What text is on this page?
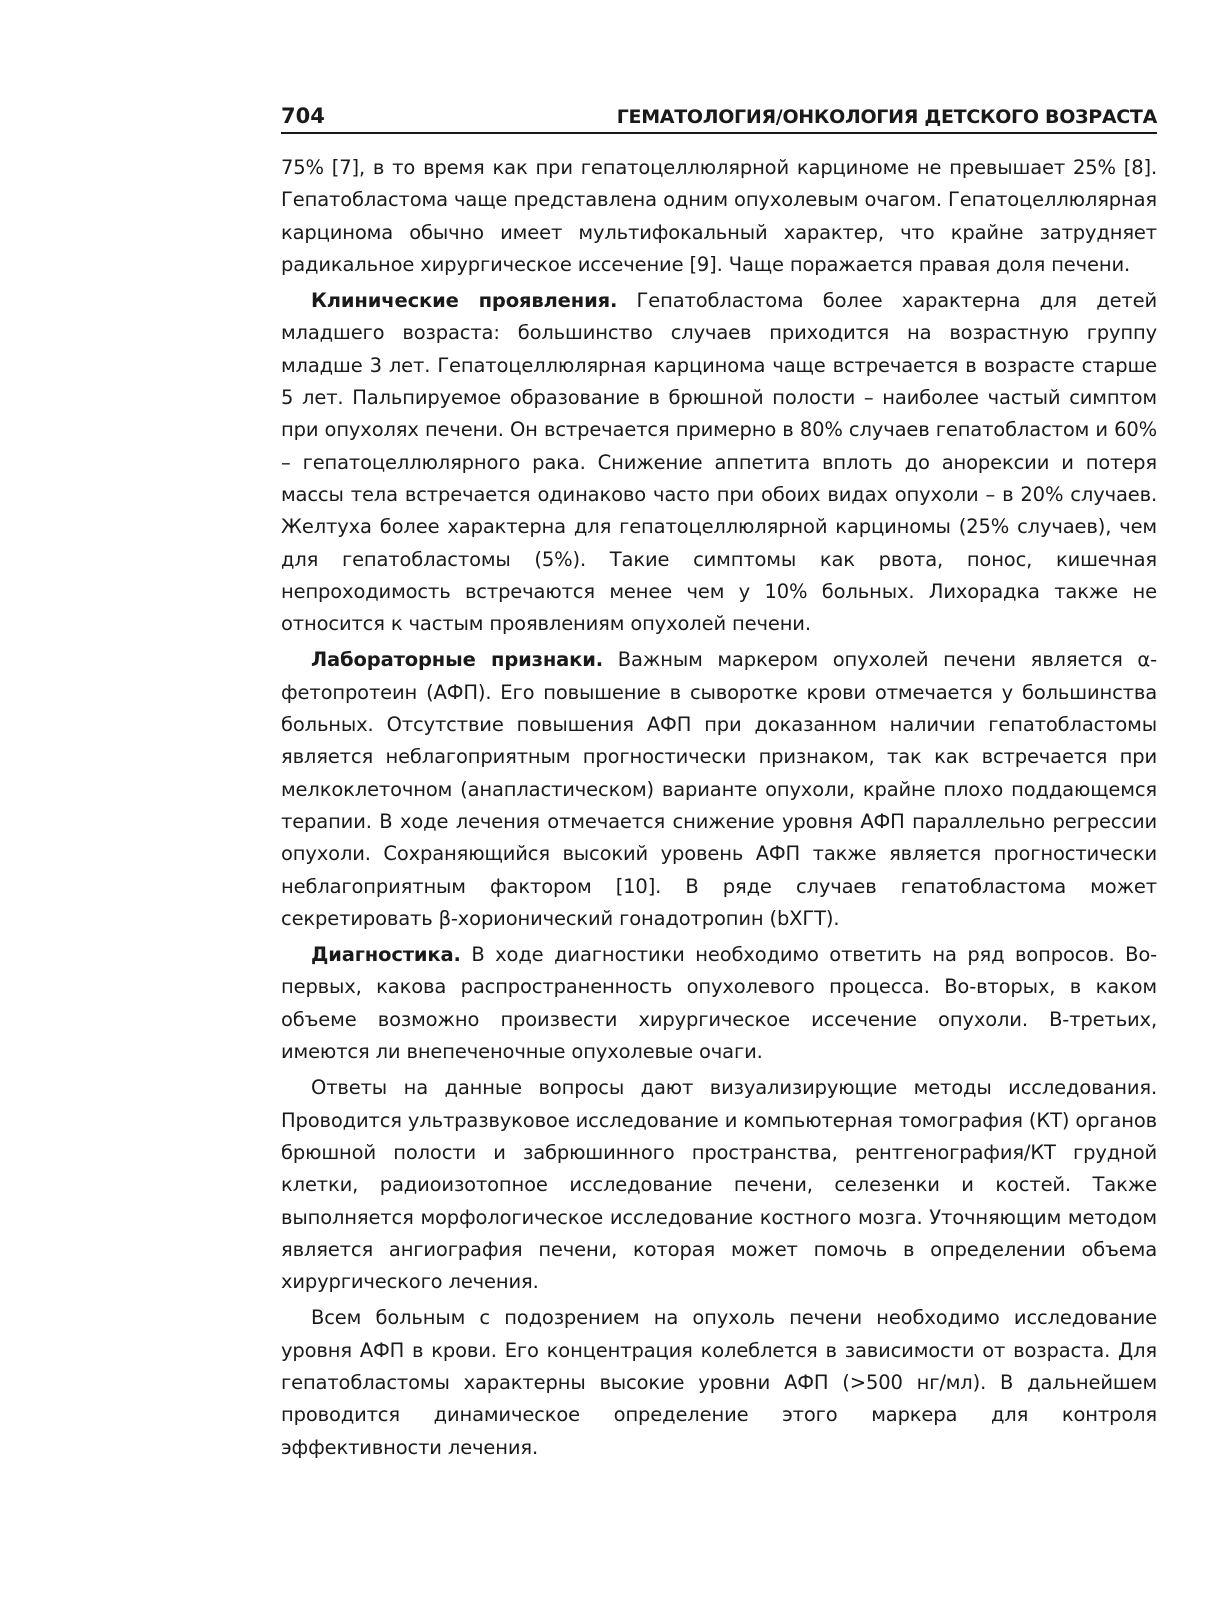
704	ГЕМАТОЛОГИЯ/ОНКОЛОГИЯ ДЕТСКОГО ВОЗРАСТА

75% [7], в то время как при гепатоцеллюлярной карциноме не превышает 25% [8]. Гепатобластома чаще представлена одним опухолевым очагом. Гепатоцеллюлярная карцинома обычно имеет мультифокальный характер, что крайне затрудняет радикальное хирургическое иссечение [9]. Чаще поражается правая доля печени.

Клинические проявления. Гепатобластома более характерна для детей младшего возраста: большинство случаев приходится на возрастную группу младше 3 лет. Гепатоцеллюлярная карцинома чаще встречается в возрасте старше 5 лет. Пальпируемое образование в брюшной полости – наиболее частый симптом при опухолях печени. Он встречается примерно в 80% случаев гепатобластом и 60% – гепатоцеллюлярного рака. Снижение аппетита вплоть до анорексии и потеря массы тела встречается одинаково часто при обоих видах опухоли – в 20% случаев. Желтуха более характерна для гепатоцеллюлярной карциномы (25% случаев), чем для гепатобластомы (5%). Такие симптомы как рвота, понос, кишечная непроходимость встречаются менее чем у 10% больных. Лихорадка также не относится к частым проявлениям опухолей печени.

Лабораторные признаки. Важным маркером опухолей печени является α-фетопротеин (АФП). Его повышение в сыворотке крови отмечается у большинства больных. Отсутствие повышения АФП при доказанном наличии гепатобластомы является неблагоприятным прогностически признаком, так как встречается при мелкоклеточном (анапластическом) варианте опухоли, крайне плохо поддающемся терапии. В ходе лечения отмечается снижение уровня АФП параллельно регрессии опухоли. Сохраняющийся высокий уровень АФП также является прогностически неблагоприятным фактором [10]. В ряде случаев гепатобластома может секретировать β-хорионический гонадотропин (bХГТ).

Диагностика. В ходе диагностики необходимо ответить на ряд вопросов. Во-первых, какова распространенность опухолевого процесса. Во-вторых, в каком объеме возможно произвести хирургическое иссечение опухоли. В-третьих, имеются ли внепеченочные опухолевые очаги.

Ответы на данные вопросы дают визуализирующие методы исследования. Проводится ультразвуковое исследование и компьютерная томография (КТ) органов брюшной полости и забрюшинного пространства, рентгенография/КТ грудной клетки, радиоизотопное исследование печени, селезенки и костей. Также выполняется морфологическое исследование костного мозга. Уточняющим методом является ангиография печени, которая может помочь в определении объема хирургического лечения.

Всем больным с подозрением на опухоль печени необходимо исследование уровня АФП в крови. Его концентрация колеблется в зависимости от возраста. Для гепатобластомы характерны высокие уровни АФП (>500 нг/мл). В дальнейшем проводится динамическое определение этого маркера для контроля эффективности лечения.
